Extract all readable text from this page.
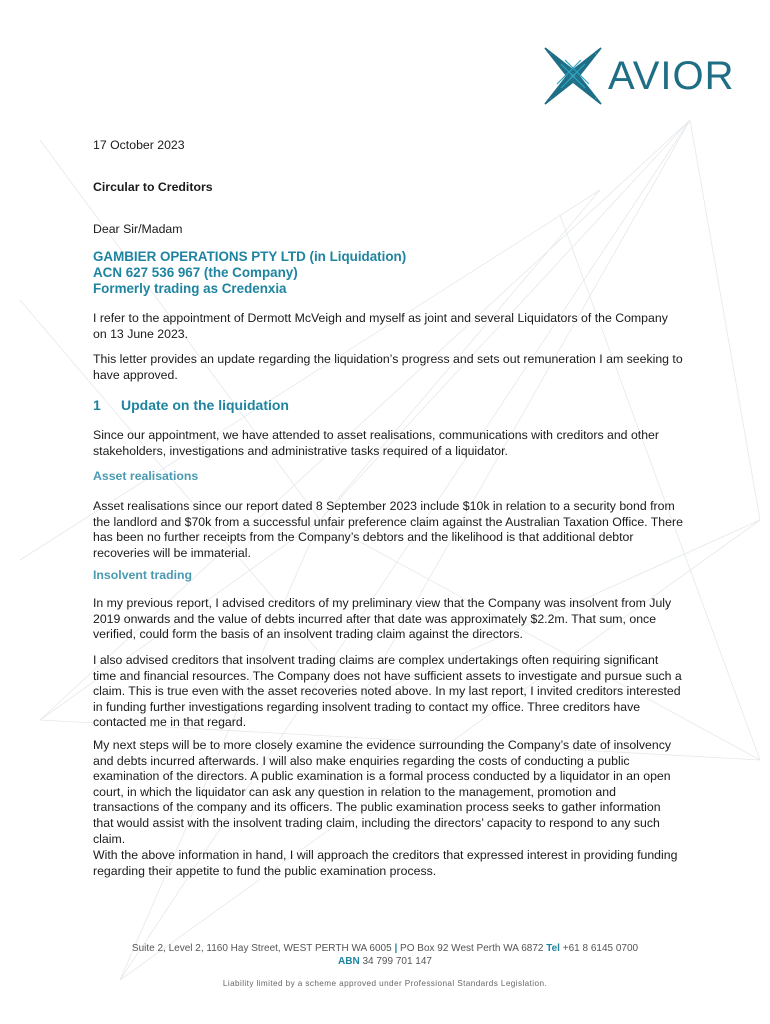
AVIOR

17 October 2023

Circular to Creditors

Dear Sir/Madam

GAMBIER OPERATIONS PTY LTD (in Liquidation)
ACN 627 536 967 (the Company)
Formerly trading as Credenxia

I refer to the appointment of Dermott McVeigh and myself as joint and several Liquidators of the Company on 13 June 2023.

This letter provides an update regarding the liquidation’s progress and sets out remuneration I am seeking to have approved.

1 Update on the liquidation

Since our appointment, we have attended to asset realisations, communications with creditors and other stakeholders, investigations and administrative tasks required of a liquidator.

Asset realisations

Asset realisations since our report dated 8 September 2023 include $10k in relation to a security bond from the landlord and $70k from a successful unfair preference claim against the Australian Taxation Office. There has been no further receipts from the Company’s debtors and the likelihood is that additional debtor recoveries will be immaterial.

Insolvent trading

In my previous report, I advised creditors of my preliminary view that the Company was insolvent from July 2019 onwards and the value of debts incurred after that date was approximately $2.2m. That sum, once verified, could form the basis of an insolvent trading claim against the directors.

I also advised creditors that insolvent trading claims are complex undertakings often requiring significant time and financial resources. The Company does not have sufficient assets to investigate and pursue such a claim. This is true even with the asset recoveries noted above. In my last report, I invited creditors interested in funding further investigations regarding insolvent trading to contact my office. Three creditors have contacted me in that regard.

My next steps will be to more closely examine the evidence surrounding the Company’s date of insolvency and debts incurred afterwards. I will also make enquiries regarding the costs of conducting a public examination of the directors. A public examination is a formal process conducted by a liquidator in an open court, in which the liquidator can ask any question in relation to the management, promotion and transactions of the company and its officers. The public examination process seeks to gather information that would assist with the insolvent trading claim, including the directors’ capacity to respond to any such claim.

With the above information in hand, I will approach the creditors that expressed interest in providing funding regarding their appetite to fund the public examination process.

Suite 2, Level 2, 1160 Hay Street, WEST PERTH WA 6005 | PO Box 92 West Perth WA 6872 Tel +61 8 6145 0700
ABN 34 799 701 147
Liability limited by a scheme approved under Professional Standards Legislation.
